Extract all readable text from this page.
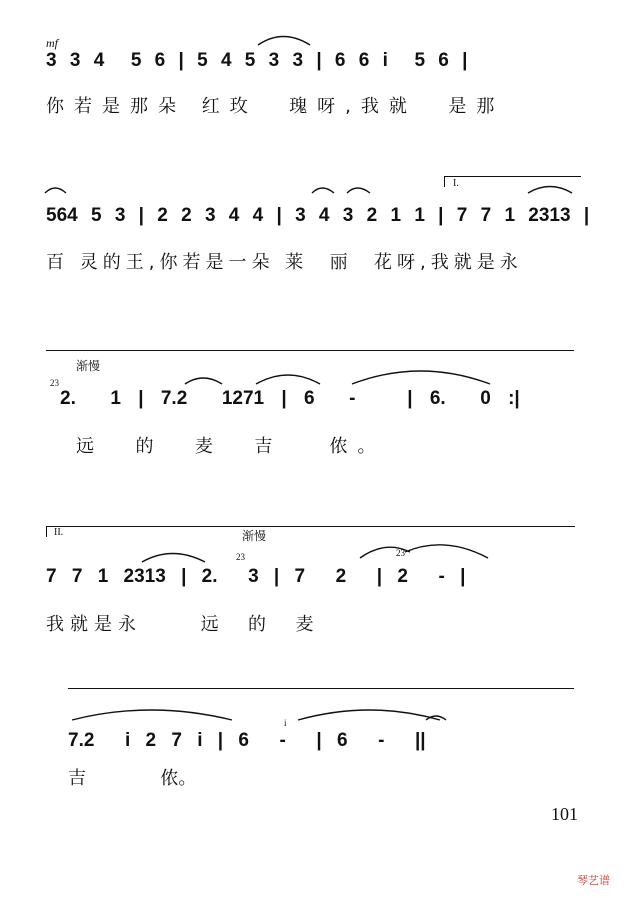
mf
3 3 4  5 6 | 5 4 5 3 3 | 6 6 i  5 6 |
你若是那朵 红玫  瑰呀,我就  是那
I.
564 5 3 | 2 2 3 4 4 | 3 4 3 2 1 1 | 7 7 1 2313 |
百 灵的王,你若是一朵 莱  丽  花呀,我就是永
渐慢
23
2.  1 | 7.2  1271 | 6  -   | 6.  0 :|
远  的  麦  吉   侬。
II.	渐慢
23	23
7 7 1 2313 | 2.  3 | 7  2  | 2  - |
我就是永     远  的  麦
i
7.2  i 2 7 i | 6  -  | 6  -  ||
吉             侬。
101
琴艺谱
